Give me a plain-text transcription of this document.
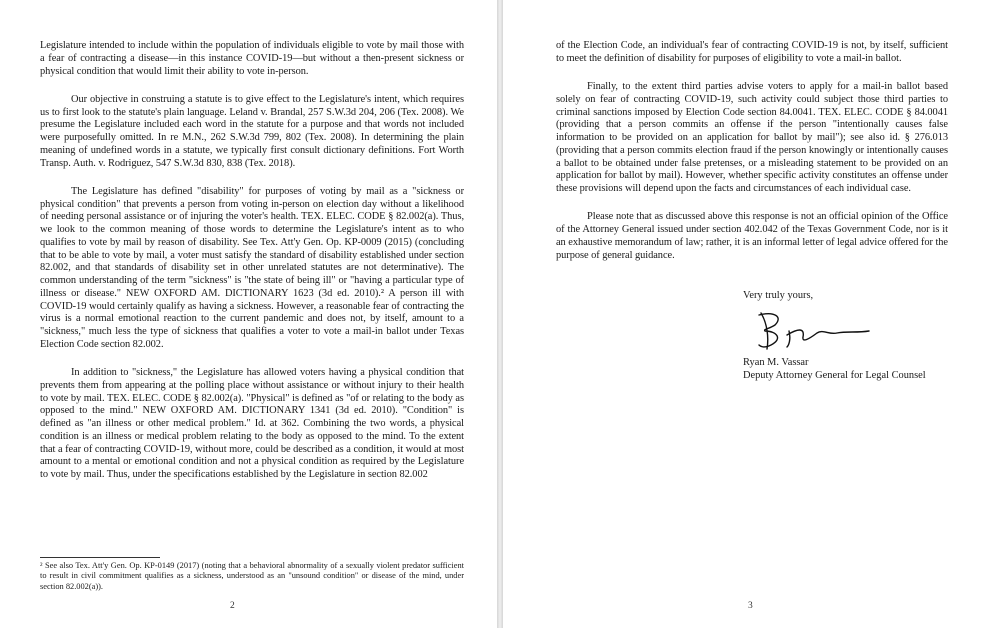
Legislature intended to include within the population of individuals eligible to vote by mail those with a fear of contracting a disease—in this instance COVID-19—but without a then-present sickness or physical condition that would limit their ability to vote in-person.

Our objective in construing a statute is to give effect to the Legislature's intent, which requires us to first look to the statute's plain language. Leland v. Brandal, 257 S.W.3d 204, 206 (Tex. 2008). We presume the Legislature included each word in the statute for a purpose and that words not included were purposefully omitted. In re M.N., 262 S.W.3d 799, 802 (Tex. 2008). In determining the plain meaning of undefined words in a statute, we typically first consult dictionary definitions. Fort Worth Transp. Auth. v. Rodriguez, 547 S.W.3d 830, 838 (Tex. 2018).

The Legislature has defined "disability" for purposes of voting by mail as a "sickness or physical condition" that prevents a person from voting in-person on election day without a likelihood of needing personal assistance or of injuring the voter's health. TEX. ELEC. CODE § 82.002(a). Thus, we look to the common meaning of those words to determine the Legislature's intent as to who qualifies to vote by mail by reason of disability. See Tex. Att'y Gen. Op. KP-0009 (2015) (concluding that to be able to vote by mail, a voter must satisfy the standard of disability established under section 82.002, and that standards of disability set in other unrelated statutes are not determinative). The common understanding of the term "sickness" is "the state of being ill" or "having a particular type of illness or disease." NEW OXFORD AM. DICTIONARY 1623 (3d ed. 2010).² A person ill with COVID-19 would certainly qualify as having a sickness. However, a reasonable fear of contracting the virus is a normal emotional reaction to the current pandemic and does not, by itself, amount to a "sickness," much less the type of sickness that qualifies a voter to vote a mail-in ballot under Texas Election Code section 82.002.

In addition to "sickness," the Legislature has allowed voters having a physical condition that prevents them from appearing at the polling place without assistance or without injury to their health to vote by mail. TEX. ELEC. CODE § 82.002(a). "Physical" is defined as "of or relating to the body as opposed to the mind." NEW OXFORD AM. DICTIONARY 1341 (3d ed. 2010). "Condition" is defined as "an illness or other medical problem." Id. at 362. Combining the two words, a physical condition is an illness or medical problem relating to the body as opposed to the mind. To the extent that a fear of contracting COVID-19, without more, could be described as a condition, it would at most amount to a mental or emotional condition and not a physical condition as required by the Legislature to vote by mail. Thus, under the specifications established by the Legislature in section 82.002

² See also Tex. Att'y Gen. Op. KP-0149 (2017) (noting that a behavioral abnormality of a sexually violent predator sufficient to result in civil commitment qualifies as a sickness, understood as an "unsound condition" or disease of the mind, under section 82.002(a)).
2

of the Election Code, an individual's fear of contracting COVID-19 is not, by itself, sufficient to meet the definition of disability for purposes of eligibility to vote a mail-in ballot.

Finally, to the extent third parties advise voters to apply for a mail-in ballot based solely on fear of contracting COVID-19, such activity could subject those third parties to criminal sanctions imposed by Election Code section 84.0041. TEX. ELEC. CODE § 84.0041 (providing that a person commits an offense if the person "intentionally causes false information to be provided on an application for ballot by mail"); see also id. § 276.013 (providing that a person commits election fraud if the person knowingly or intentionally causes a ballot to be obtained under false pretenses, or a misleading statement to be provided on an application for ballot by mail). However, whether specific activity constitutes an offense under these provisions will depend upon the facts and circumstances of each individual case.

Please note that as discussed above this response is not an official opinion of the Office of the Attorney General issued under section 402.042 of the Texas Government Code, nor is it an exhaustive memorandum of law; rather, it is an informal letter of legal advice offered for the purpose of general guidance.

Very truly yours,
Ryan M. Vassar
Deputy Attorney General for Legal Counsel
3
